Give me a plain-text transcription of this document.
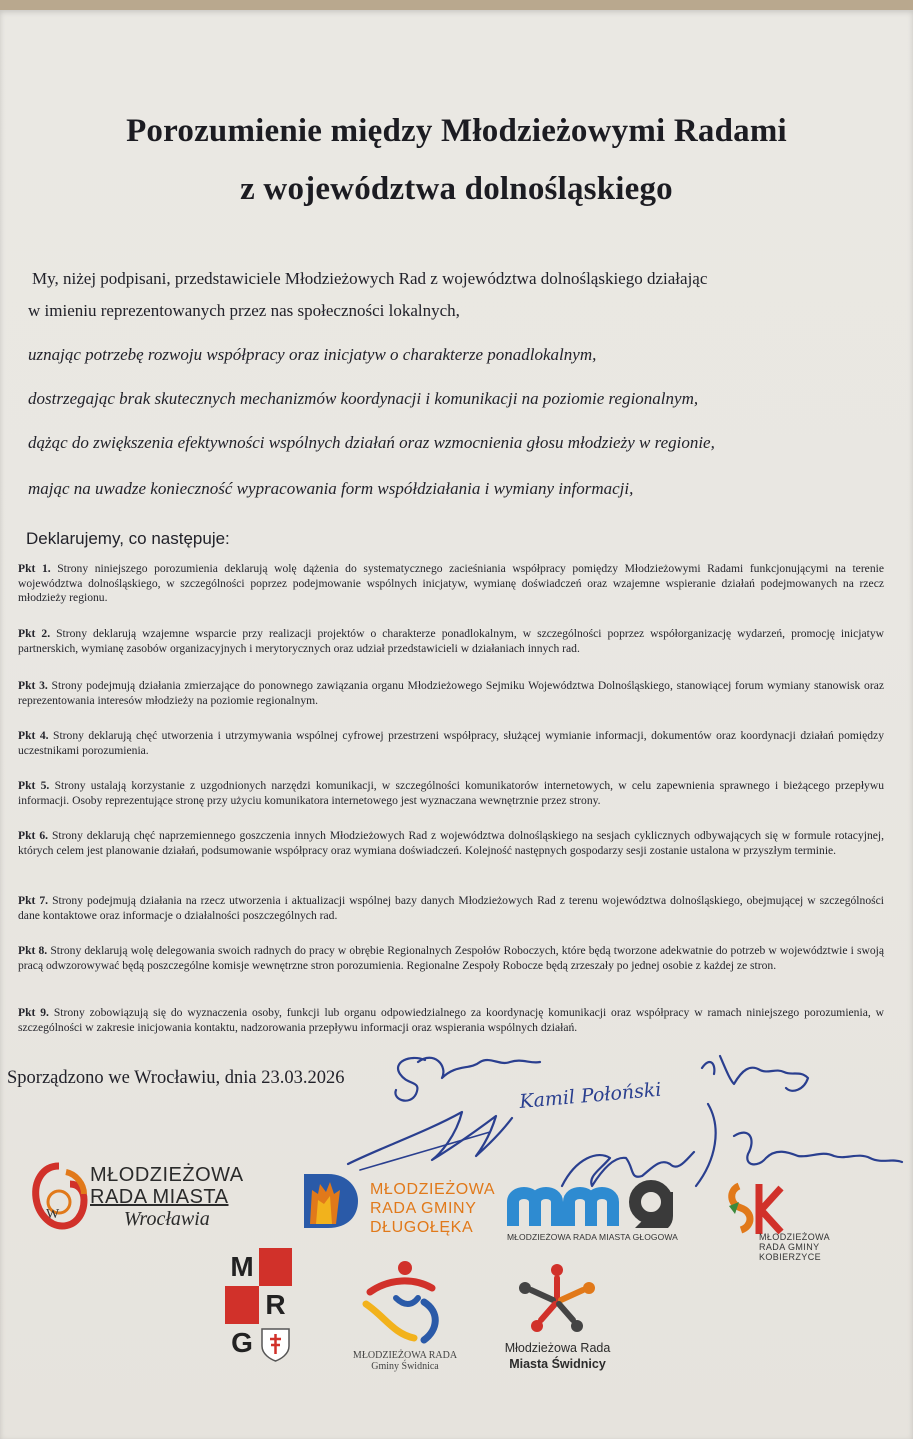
Porozumienie między Młodzieżowymi Radami
z województwa dolnośląskiego
My, niżej podpisani, przedstawiciele Młodzieżowych Rad z województwa dolnośląskiego działając
w imieniu reprezentowanych przez nas społeczności lokalnych,
uznając potrzebę rozwoju współpracy oraz inicjatyw o charakterze ponadlokalnym,
dostrzegając brak skutecznych mechanizmów koordynacji i komunikacji na poziomie regionalnym,
dążąc do zwiększenia efektywności wspólnych działań oraz wzmocnienia głosu młodzieży w regionie,
mając na uwadze konieczność wypracowania form współdziałania i wymiany informacji,
Deklarujemy, co następuje:
Pkt 1. Strony niniejszego porozumienia deklarują wolę dążenia do systematycznego zacieśniania współpracy pomiędzy Młodzieżowymi Radami funkcjonującymi na terenie województwa dolnośląskiego, w szczególności poprzez podejmowanie wspólnych inicjatyw, wymianę doświadczeń oraz wzajemne wspieranie działań podejmowanych na rzecz młodzieży regionu.
Pkt 2. Strony deklarują wzajemne wsparcie przy realizacji projektów o charakterze ponadlokalnym, w szczególności poprzez współorganizację wydarzeń, promocję inicjatyw partnerskich, wymianę zasobów organizacyjnych i merytorycznych oraz udział przedstawicieli w działaniach innych rad.
Pkt 3. Strony podejmują działania zmierzające do ponownego zawiązania organu Młodzieżowego Sejmiku Województwa Dolnośląskiego, stanowiącej forum wymiany stanowisk oraz reprezentowania interesów młodzieży na poziomie regionalnym.
Pkt 4. Strony deklarują chęć utworzenia i utrzymywania wspólnej cyfrowej przestrzeni współpracy, służącej wymianie informacji, dokumentów oraz koordynacji działań pomiędzy uczestnikami porozumienia.
Pkt 5. Strony ustalają korzystanie z uzgodnionych narzędzi komunikacji, w szczególności komunikatorów internetowych, w celu zapewnienia sprawnego i bieżącego przepływu informacji. Osoby reprezentujące stronę przy użyciu komunikatora internetowego jest wyznaczana wewnętrznie przez strony.
Pkt 6. Strony deklarują chęć naprzemiennego goszczenia innych Młodzieżowych Rad z województwa dolnośląskiego na sesjach cyklicznych odbywających się w formule rotacyjnej, których celem jest planowanie działań, podsumowanie współpracy oraz wymiana doświadczeń. Kolejność następnych gospodarzy sesji zostanie ustalona w przyszłym terminie.
Pkt 7. Strony podejmują działania na rzecz utworzenia i aktualizacji wspólnej bazy danych Młodzieżowych Rad z terenu województwa dolnośląskiego, obejmującej w szczególności dane kontaktowe oraz informacje o działalności poszczególnych rad.
Pkt 8. Strony deklarują wolę delegowania swoich radnych do pracy w obrębie Regionalnych Zespołów Roboczych, które będą tworzone adekwatnie do potrzeb w województwie i swoją pracą odwzorowywać będą poszczególne komisje wewnętrzne stron porozumienia. Regionalne Zespoły Robocze będą zrzeszały po jednej osobie z każdej ze stron.
Pkt 9. Strony zobowiązują się do wyznaczenia osoby, funkcji lub organu odpowiedzialnego za koordynację komunikacji oraz współpracy w ramach niniejszego porozumienia, w szczególności w zakresie inicjowania kontaktu, nadzorowania przepływu informacji oraz wspierania wspólnych działań.
Sporządzono we Wrocławiu, dnia 23.03.2026
Kamil Połoński
W
MŁODZIEŻOWA
RADA MIASTA
Wrocławia
MŁODZIEŻOWA
RADA GMINY
DŁUGOŁĘKA
MŁODZIEŻOWA RADA MIASTA GŁOGOWA	MŁODZIEŻOWA
RADA GMINY
KOBIERZYCE
M
R
G	MŁODZIEŻOWA RADA
Gminy Świdnica
Młodzieżowa Rada
Miasta Świdnicy
